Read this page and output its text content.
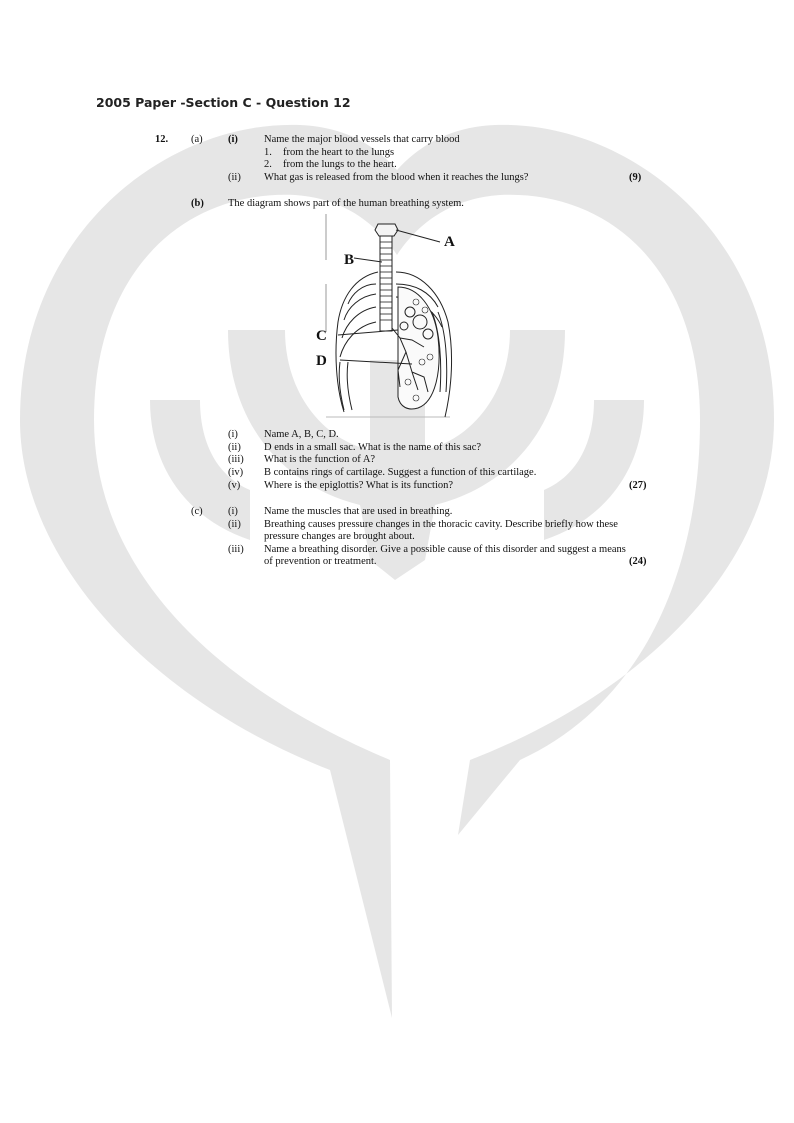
2005 Paper -Section C - Question 12
12. (a) (i) Name the major blood vessels that carry blood
1. from the heart to the lungs
2. from the lungs to the heart.
(ii) What gas is released from the blood when it reaches the lungs?	(9)
(b) The diagram shows part of the human breathing system.
A
B
C
D
(i) Name A, B, C, D.
(ii) D ends in a small sac. What is the name of this sac?
(iii) What is the function of A?
(iv) B contains rings of cartilage. Suggest a function of this cartilage.
(v) Where is the epiglottis? What is its function?	(27)
(c) (i) Name the muscles that are used in breathing.
(ii) Breathing causes pressure changes in the thoracic cavity. Describe briefly how these
pressure changes are brought about.
(iii) Name a breathing disorder. Give a possible cause of this disorder and suggest a means
of prevention or treatment.	(24)
